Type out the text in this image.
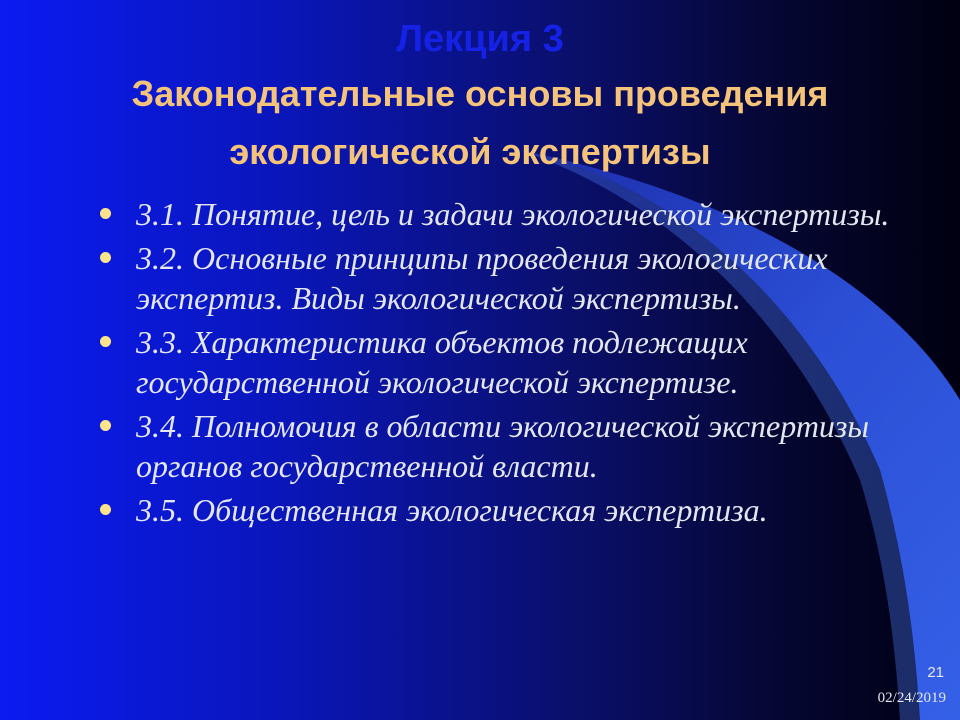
Лекция 3
Законодательные основы проведения
экологической экспертизы
3.1. Понятие, цель и задачи экологической экспертизы.
3.2. Основные принципы проведения экологических экспертиз. Виды экологической экспертизы.
3.3. Характеристика объектов подлежащих государственной экологической экспертизе.
3.4. Полномочия в области экологической экспертизы органов государственной власти.
3.5. Общественная экологическая экспертиза.
21
02/24/2019
